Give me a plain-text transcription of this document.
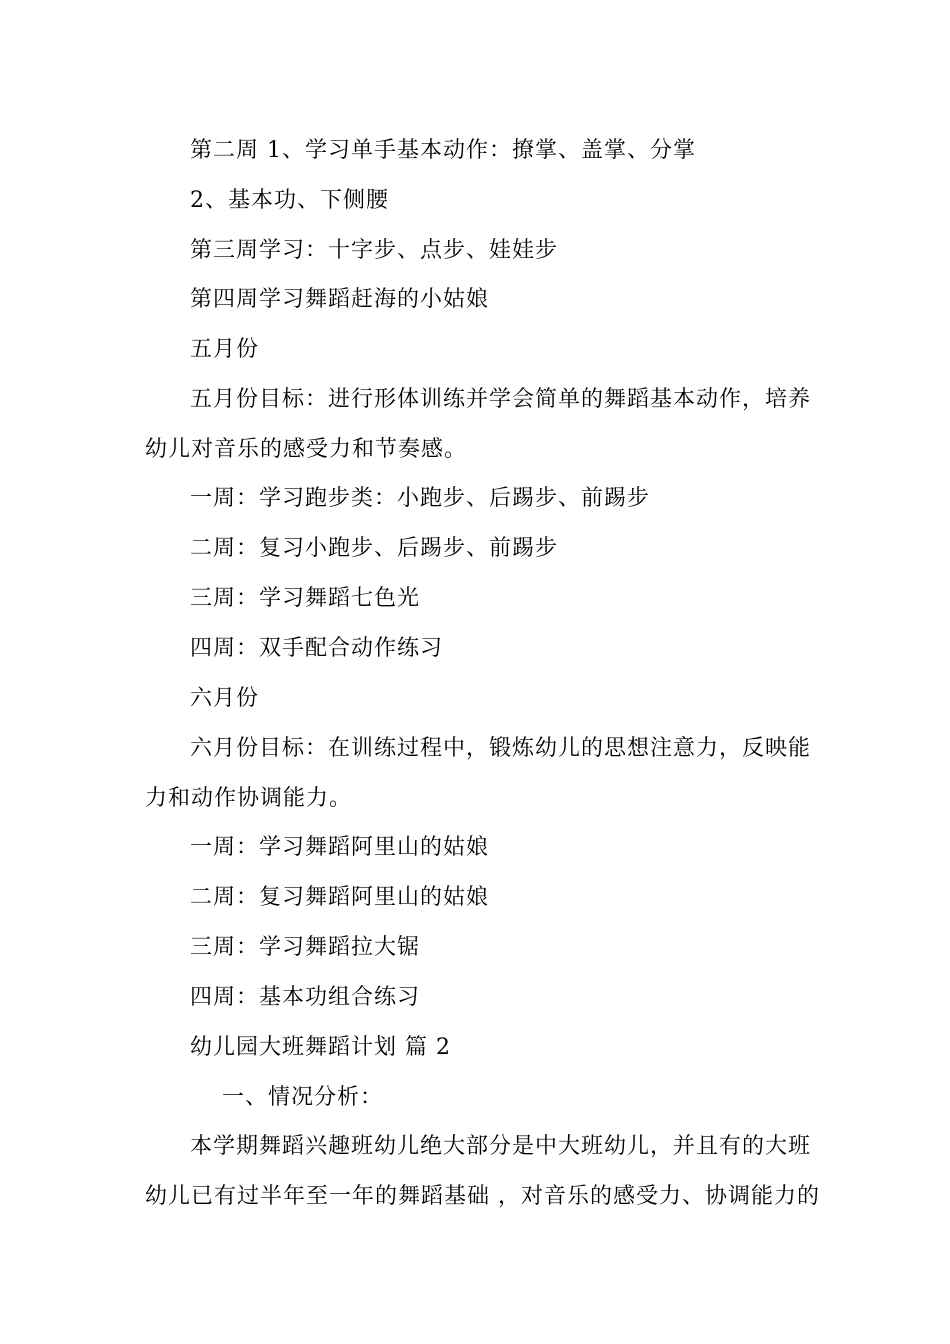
第二周 1、学习单手基本动作：撩掌、盖掌、分掌
2、基本功、下侧腰
第三周学习：十字步、点步、娃娃步
第四周学习舞蹈赶海的小姑娘
五月份
五月份目标：进行形体训练并学会简单的舞蹈基本动作，培养
幼儿对音乐的感受力和节奏感。
一周：学习跑步类：小跑步、后踢步、前踢步
二周：复习小跑步、后踢步、前踢步
三周：学习舞蹈七色光
四周：双手配合动作练习
六月份
六月份目标：在训练过程中，锻炼幼儿的思想注意力，反映能
力和动作协调能力。
一周：学习舞蹈阿里山的姑娘
二周：复习舞蹈阿里山的姑娘
三周：学习舞蹈拉大锯
四周：基本功组合练习
幼儿园大班舞蹈计划 篇 2
一、情况分析：
本学期舞蹈兴趣班幼儿绝大部分是中大班幼儿，并且有的大班
幼儿已有过半年至一年的舞蹈基础 ，对音乐的感受力、协调能力的
